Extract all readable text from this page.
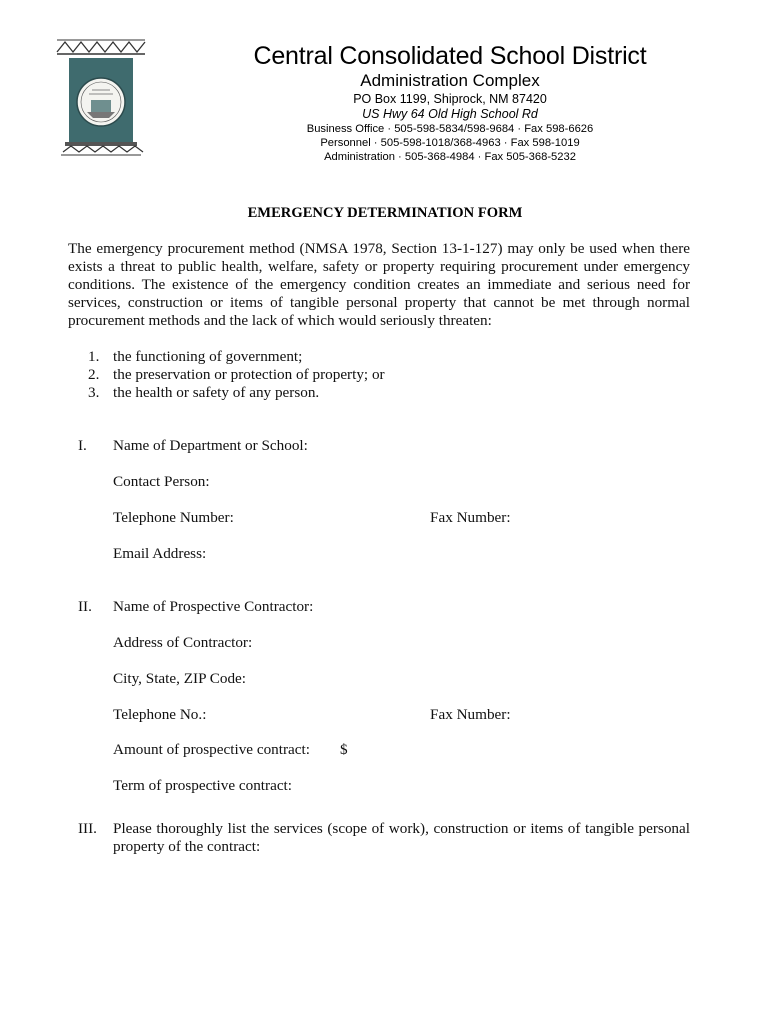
Central Consolidated School District
Administration Complex
PO Box 1199, Shiprock, NM 87420
US Hwy 64 Old High School Rd
Business Office · 505-598-5834/598-9684 · Fax 598-6626
Personnel · 505-598-1018/368-4963 · Fax 598-1019
Administration · 505-368-4984 · Fax 505-368-5232
EMERGENCY DETERMINATION FORM

The emergency procurement method (NMSA 1978, Section 13-1-127) may only be used when there exists a threat to public health, welfare, safety or property requiring procurement under emergency conditions. The existence of the emergency condition creates an immediate and serious need for services, construction or items of tangible personal property that cannot be met through normal procurement methods and the lack of which would seriously threaten:

1. the functioning of government;
2. the preservation or protection of property; or
3. the health or safety of any person.
I. Name of Department or School:
Contact Person:
Telephone Number:	Fax Number:
Email Address:
II. Name of Prospective Contractor:
Address of Contractor:
City, State, ZIP Code:
Telephone No.:	Fax Number:
Amount of prospective contract: $
Term of prospective contract:
III. Please thoroughly list the services (scope of work), construction or items of tangible personal property of the contract:
